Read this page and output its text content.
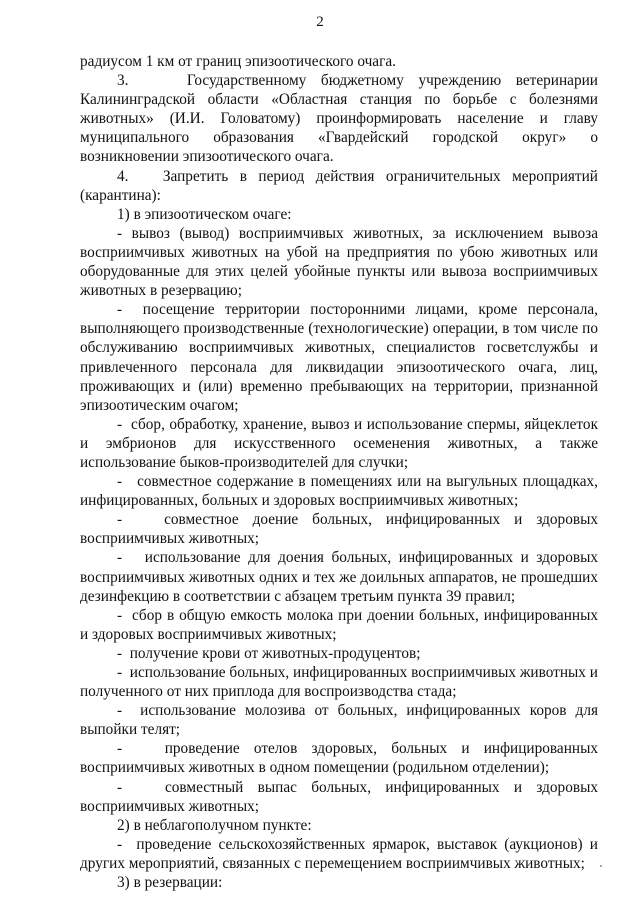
2

радиусом 1 км от границ эпизоотического очага.

3.    Государственному бюджетному учреждению ветеринарии Калининградской области «Областная станция по борьбе с болезнями животных» (И.И. Головатому) проинформировать население и главу муниципального образования «Гвардейский городской округ» о возникновении эпизоотического очага.

4.   Запретить в период действия ограничительных мероприятий (карантина):

1) в эпизоотическом очаге:

- вывоз (вывод) восприимчивых животных, за исключением вывоза восприимчивых животных на убой на предприятия по убою животных или оборудованные для этих целей убойные пункты или вывоза восприимчивых животных в резервацию;

-  посещение территории посторонними лицами, кроме персонала, выполняющего производственные (технологические) операции, в том числе по обслуживанию восприимчивых животных, специалистов госветслужбы и привлеченного персонала для ликвидации эпизоотического очага, лиц, проживающих и (или) временно пребывающих на территории, признанной эпизоотическим очагом;

-  сбор, обработку, хранение, вывоз и использование спермы, яйцеклеток и эмбрионов для искусственного осеменения животных, а также использование быков-производителей для случки;

-   совместное содержание в помещениях или на выгульных площадках, инфицированных, больных и здоровых восприимчивых животных;

-   совместное доение больных, инфицированных и здоровых восприимчивых животных;

-   использование для доения больных, инфицированных и здоровых восприимчивых животных одних и тех же доильных аппаратов, не прошедших дезинфекцию в соответствии с абзацем третьим пункта 39 правил;

-  сбор в общую емкость молока при доении больных, инфицированных и здоровых восприимчивых животных;

-  получение крови от животных-продуцентов;

-  использование больных, инфицированных восприимчивых животных и полученного от них приплода для воспроизводства стада;

-  использование молозива от больных, инфицированных коров для выпойки телят;

-   проведение отелов здоровых, больных и инфицированных восприимчивых животных в одном помещении (родильном отделении);

-   совместный выпас больных, инфицированных и здоровых восприимчивых животных;

2) в неблагополучном пункте:

-  проведение сельскохозяйственных ярмарок, выставок (аукционов) и других мероприятий, связанных с перемещением восприимчивых животных;

3) в резервации:
